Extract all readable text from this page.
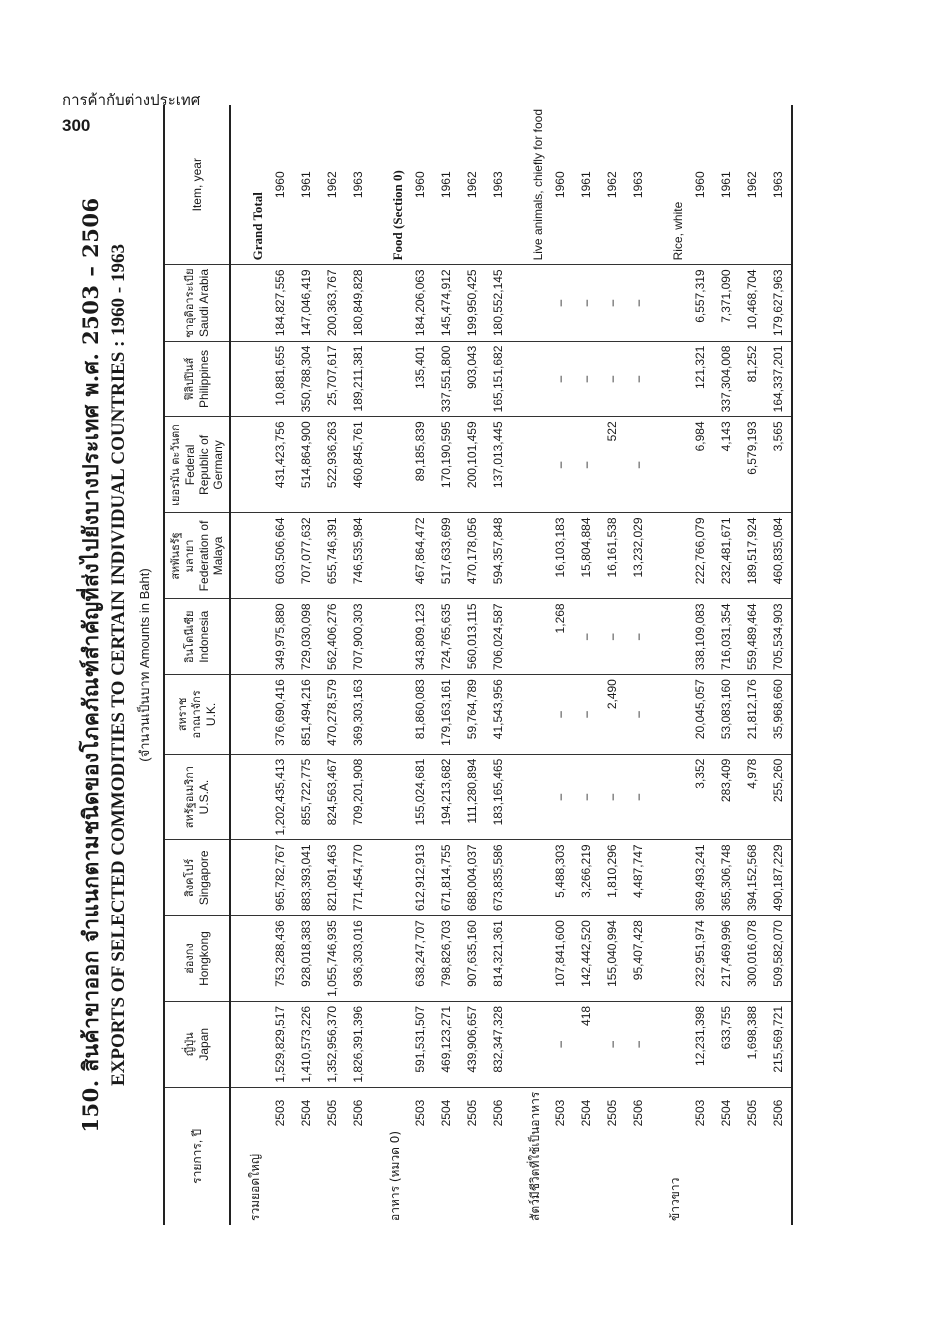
การค้ากับต่างประเทศ
300

150. สินค้าขาออก จำแนกตามชนิดของโภคภัณฑ์สำคัญที่ส่งไปยังบางประเทศ พ.ศ. 2503 – 2506 EXPORTS OF SELECTED COMMODITIES TO CERTAIN INDIVIDUAL COUNTRIES : 1960 - 1963 (จำนวนเป็นบาท Amounts in Baht)

รายการ, ปี	ญี่ปุ่น Japan	ฮ่องกง Hongkong	สิงคโปร์ Singapore	สหรัฐอเมริกา U.S.A.	สหราช อาณาจักร U.K.	อินโดนีเซีย Indonesia	สหพันธรัฐมลายา Federation of Malaya	เยอรมัน ตะวันตก Federal Republic of Germany	ฟิลิปปินส์ Philippines	ซาอุดิอาระเบีย Saudi Arabia	Item, year
รวมยอดใหญ่											Grand Total
2503	1,529,829,517	753,288,436	965,782,767	1,202,435,413	376,690,416	349,975,880	603,506,664	431,423,756	10,881,655	184,827,556	1960
2504	1,410,573,226	928,018,383	883,393,041	855,722,775	851,494,216	729,030,098	707,077,632	514,864,900	350,788,304	147,046,419	1961
2505	1,352,956,370	1,055,746,935	821,091,463	824,563,467	470,278,579	562,406,276	655,746,391	522,936,263	25,707,617	200,363,767	1962
2506	1,826,391,396	936,303,016	771,454,770	709,201,908	369,303,163	707,900,303	746,535,984	460,845,761	189,211,381	180,849,828	1963
อาหาร (หมวด 0)											Food (Section 0)
2503	591,531,507	638,247,707	612,912,913	155,024,681	81,860,083	343,809,123	467,864,472	89,185,839	135,401	184,206,063	1960
2504	469,123,271	798,826,703	671,814,755	194,213,682	179,163,161	724,765,635	517,633,699	170,190,595	337,551,800	145,474,912	1961
2505	439,906,657	907,635,160	688,004,037	111,280,894	59,764,789	560,013,115	470,178,056	200,101,459	903,043	199,950,425	1962
2506	832,347,328	814,321,361	673,835,586	183,165,465	41,543,956	706,024,587	594,357,848	137,013,445	165,151,682	180,552,145	1963
สัตว์มีชีวิตที่ใช้เป็นอาหาร											Live animals, chiefly for food
2503	–	107,841,600	5,488,303	–	–	1,268	16,103,183	–	–	–	1960
2504	418	142,442,520	3,266,219	–	–	–	15,804,884	–	–	–	1961
2505	–	155,040,994	1,810,296	–	2,490	–	16,161,538	522	–	–	1962
2506	–	95,407,428	4,487,747	–	–	–	13,232,029	–	–	–	1963
ข้าวขาว											Rice, white
2503	12,231,398	232,951,974	369,493,241	3,352	20,045,057	338,109,083	222,766,079	6,984	121,321	6,557,319	1960
2504	633,755	217,469,996	365,306,748	283,409	53,083,160	716,031,354	232,481,671	4,143	337,304,008	7,371,090	1961
2505	1,698,388	300,016,078	394,152,568	4,978	21,812,176	559,489,464	189,517,924	6,579,193	81,252	10,468,704	1962
2506	215,569,721	509,582,070	490,187,229	255,260	35,968,660	705,534,903	460,835,084	3,565	164,337,201	179,627,963	1963
